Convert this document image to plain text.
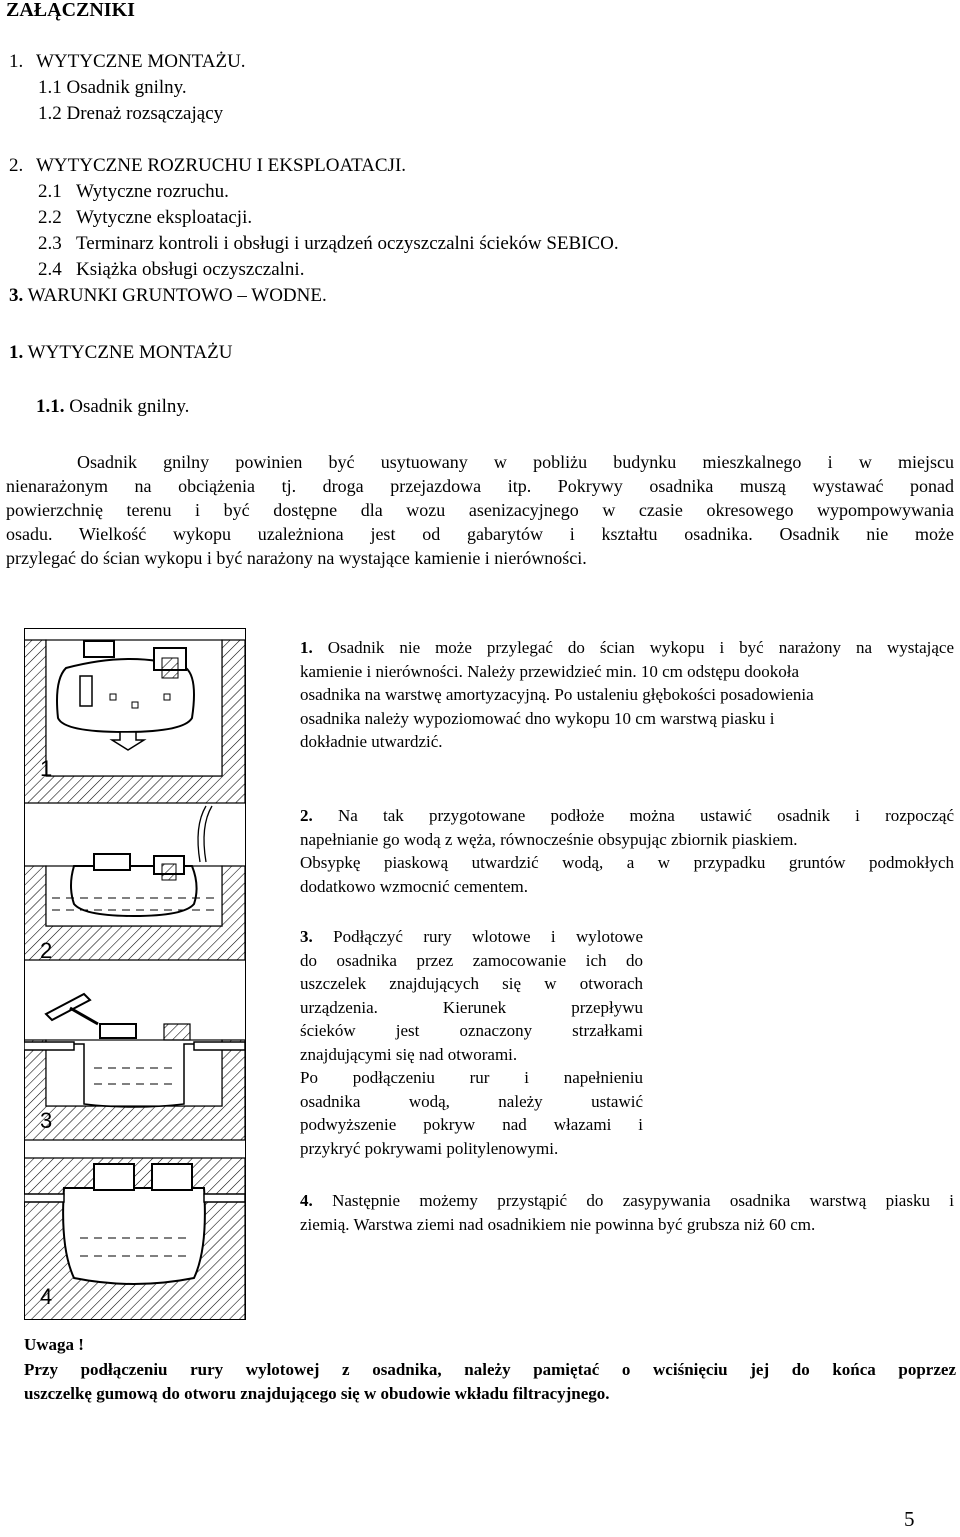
ZAŁĄCZNIKI
1. WYTYCZNE MONTAŻU.
1.1 Osadnik gnilny.
1.2 Drenaż rozsączający
2. WYTYCZNE ROZRUCHU I EKSPLOATACJI.
2.1 Wytyczne rozruchu.
2.2 Wytyczne eksploatacji.
2.3 Terminarz kontroli i obsługi i urządzeń oczyszczalni ścieków SEBICO.
2.4 Książka obsługi oczyszczalni.
3. WARUNKI GRUNTOWO – WODNE.
1. WYTYCZNE MONTAŻU
1.1. Osadnik gnilny.
Osadnik gnilny powinien być usytuowany w pobliżu budynku mieszkalnego i w miejscu
nienarażonym na obciążenia tj. droga przejazdowa itp. Pokrywy osadnika muszą wystawać ponad
powierzchnię terenu i być dostępne dla wozu asenizacyjnego w czasie okresowego wypompowywania
osadu. Wielkość wykopu uzależniona jest od gabarytów i kształtu osadnika. Osadnik nie może
przylegać do ścian wykopu i być narażony na wystające kamienie i nierówności.
1
2
3
4
1. Osadnik nie może przylegać do ścian wykopu i być narażony na wystające
kamienie i nierówności. Należy przewidzieć min. 10 cm odstępu dookoła
osadnika na warstwę amortyzacyjną. Po ustaleniu głębokości posadowienia
osadnika należy wypoziomować dno wykopu 10 cm warstwą piasku i
dokładnie utwardzić.
2. Na tak przygotowane podłoże można ustawić osadnik i rozpocząć
napełnianie go wodą z węża, równocześnie obsypując zbiornik piaskiem.
Obsypkę piaskową utwardzić wodą, a w przypadku gruntów podmokłych
dodatkowo wzmocnić cementem.
3. Podłączyć rury wlotowe i wylotowe
do osadnika przez zamocowanie ich do
uszczelek znajdujących się w otworach
urządzenia. Kierunek przepływu
ścieków jest oznaczony strzałkami
znajdującymi się nad otworami.
Po podłączeniu rur i napełnieniu
osadnika wodą, należy ustawić
podwyższenie pokryw nad włazami i
przykryć pokrywami politylenowymi.
4. Następnie możemy przystąpić do zasypywania osadnika warstwą piasku i
ziemią. Warstwa ziemi nad osadnikiem nie powinna być grubsza niż 60 cm.
Uwaga !
Przy podłączeniu rury wylotowej z osadnika, należy pamiętać o wciśnięciu jej do końca poprzez
uszczelkę gumową do otworu znajdującego się w obudowie wkładu filtracyjnego.
5
